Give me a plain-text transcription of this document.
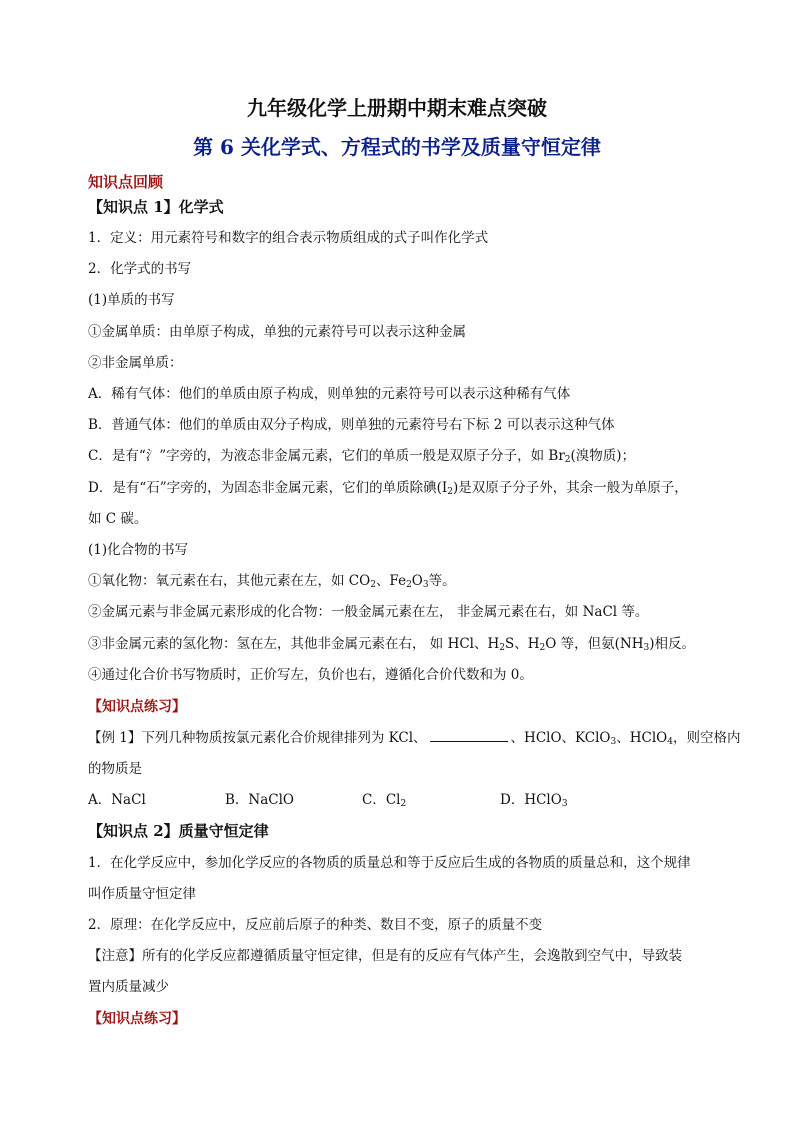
九年级化学上册期中期末难点突破
第 6 关化学式、方程式的书学及质量守恒定律
知识点回顾
【知识点 1】化学式
1．定义：用元素符号和数字的组合表示物质组成的式子叫作化学式
2．化学式的书写
(1)单质的书写
①金属单质：由单原子构成，单独的元素符号可以表示这种金属
②非金属单质：
A．稀有气体：他们的单质由原子构成，则单独的元素符号可以表示这种稀有气体
B．普通气体：他们的单质由双分子构成，则单独的元素符号右下标 2 可以表示这种气体
C．是有“氵”字旁的，为液态非金属元素，它们的单质一般是双原子分子，如 $Br_2$(溴物质)；
D．是有“石”字旁的，为固态非金属元素，它们的单质除碘$(I_2)$是双原子分子外，其余一般为单原子，
如 C 碳。
(1)化合物的书写
①氧化物：氧元素在右，其他元素在左，如 $CO_2$、$Fe_2O_3$等。
②金属元素与非金属元素形成的化合物：一般金属元素在左， 非金属元素在右，如 NaCl 等。
③非金属元素的氢化物：氢在左，其他非金属元素在右， 如 HCl、$H_2S$、$H_2O$ 等，但氨$(NH_3)$相反。
④通过化合价书写物质时，正价写左，负价也右，遵循化合价代数和为 0。
【知识点练习】
【例 1】下列几种物质按氯元素化合价规律排列为 KCl、	、HClO、KClO$_3$、HClO$_4$，则空格内
的物质是
A．NaCl	B．NaClO	C．$Cl_2$	D．HClO$_3$
【知识点 2】质量守恒定律
1．在化学反应中，参加化学反应的各物质的质量总和等于反应后生成的各物质的质量总和，这个规律
叫作质量守恒定律
2．原理：在化学反应中，反应前后原子的种类、数目不变，原子的质量不变
【注意】所有的化学反应都遵循质量守恒定律，但是有的反应有气体产生，会逸散到空气中，导致装
置内质量减少
【知识点练习】
